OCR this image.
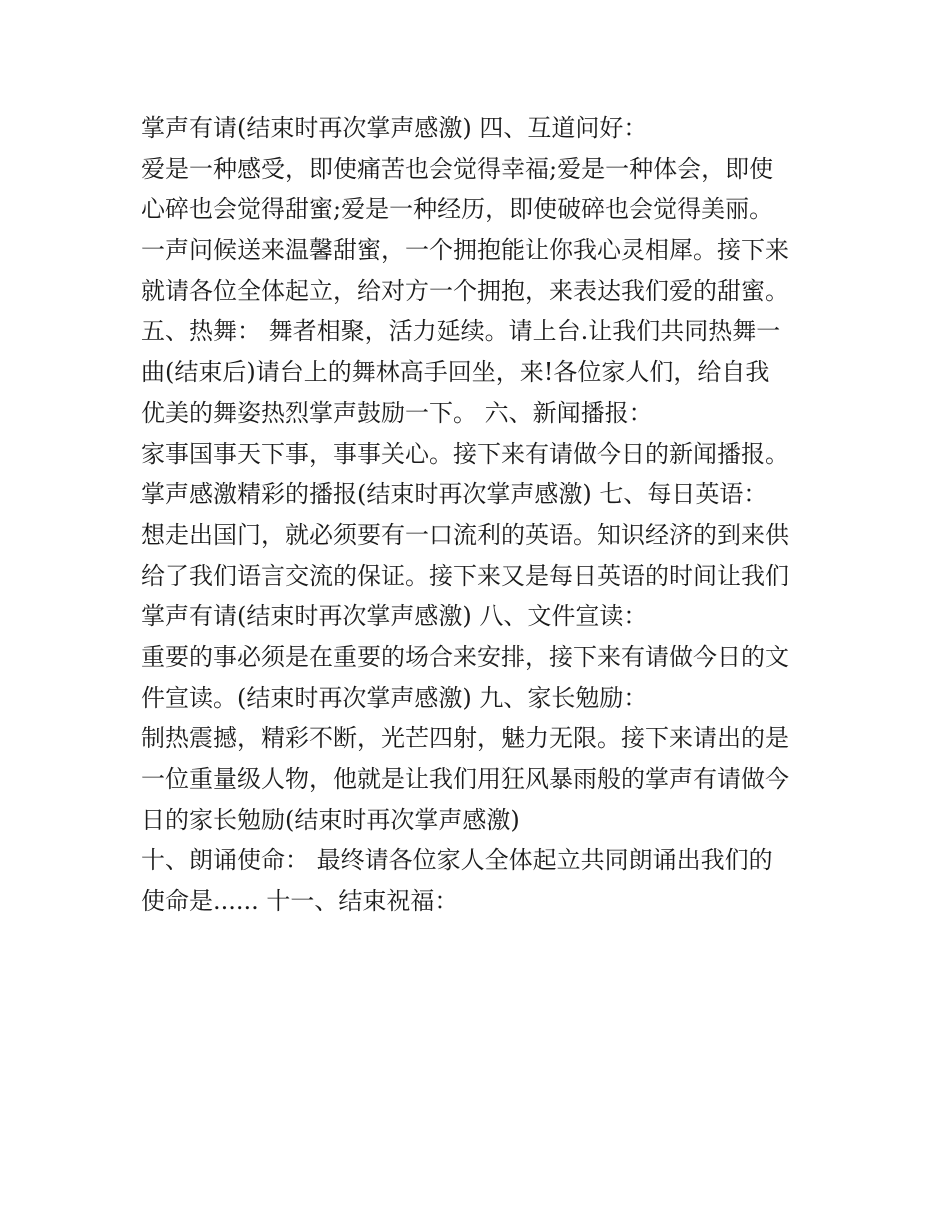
掌声有请(结束时再次掌声感激) 四、互道问好：
爱是一种感受，即使痛苦也会觉得幸福;爱是一种体会，即使
心碎也会觉得甜蜜;爱是一种经历，即使破碎也会觉得美丽。
一声问候送来温馨甜蜜，一个拥抱能让你我心灵相犀。接下来
就请各位全体起立，给对方一个拥抱，来表达我们爱的甜蜜。
五、热舞： 舞者相聚，活力延续。请上台.让我们共同热舞一
曲(结束后)请台上的舞林高手回坐，来!各位家人们，给自我
优美的舞姿热烈掌声鼓励一下。 六、新闻播报：
家事国事天下事，事事关心。接下来有请做今日的新闻播报。
掌声感激精彩的播报(结束时再次掌声感激) 七、每日英语：
想走出国门，就必须要有一口流利的英语。知识经济的到来供
给了我们语言交流的保证。接下来又是每日英语的时间让我们
掌声有请(结束时再次掌声感激) 八、文件宣读：
重要的事必须是在重要的场合来安排，接下来有请做今日的文
件宣读。(结束时再次掌声感激) 九、家长勉励：
制热震撼，精彩不断，光芒四射，魅力无限。接下来请出的是
一位重量级人物，他就是让我们用狂风暴雨般的掌声有请做今
日的家长勉励(结束时再次掌声感激)
十、朗诵使命： 最终请各位家人全体起立共同朗诵出我们的
使命是...... 十一、结束祝福：
